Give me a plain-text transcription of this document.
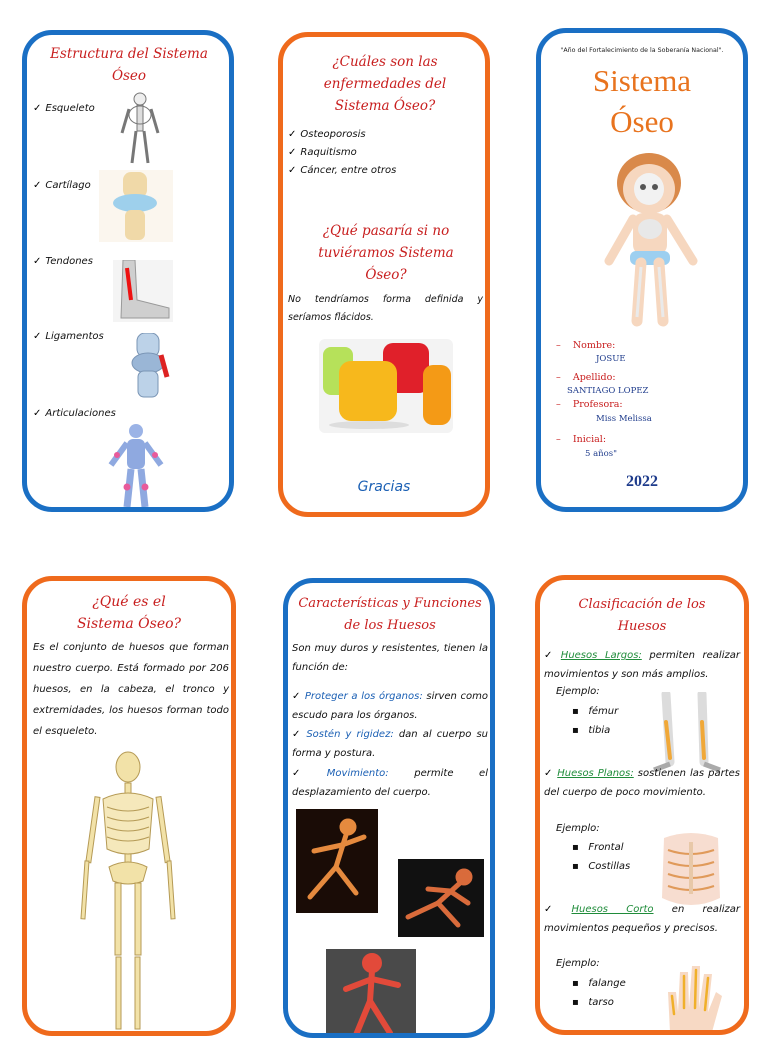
Estructura del Sistema Óseo

✓ Esqueleto
✓ Cartílago
✓ Tendones
✓ Ligamentos
✓ Articulaciones

¿Cuáles son las enfermedades del Sistema Óseo?

✓ Osteoporosis
✓ Raquitismo
✓ Cáncer, entre otros

¿Qué pasaría si no tuviéramos Sistema Óseo?

No tendríamos forma definida y seríamos flácidos.
Gracias
"Año del Fortalecimiento de la Soberanía Nacional".
Sistema
Óseo
–    Nombre:
JOSUE
–    Apellido:
SANTIAGO LOPEZ
–    Profesora:
Miss Melissa
–    Inicial:
5 años"
2022

¿Qué es el

Sistema Óseo?

Es el conjunto de huesos que forman nuestro cuerpo. Está formado por 206 huesos, en la cabeza, el tronco y extremidades, los huesos forman todo el esqueleto.

Características y Funciones de los Huesos

Son muy duros y resistentes, tienen la función de:
✓ Proteger a los órganos: sirven como escudo para los órganos.
✓ Sostén y rigidez: dan al cuerpo su forma y postura.
✓ Movimiento:	permite el desplazamiento del cuerpo.

Clasificación de los Huesos

✓ Huesos Largos: permiten realizar movimientos y son más amplios.
Ejemplo:
▪   fémur
▪   tibia
✓ Huesos Planos: sostienen las partes del cuerpo de poco movimiento.
Ejemplo:
▪   Frontal
▪   Costillas
✓ Huesos Corto en realizar movimientos pequeños y precisos.
Ejemplo:
▪   falange
▪   tarso
